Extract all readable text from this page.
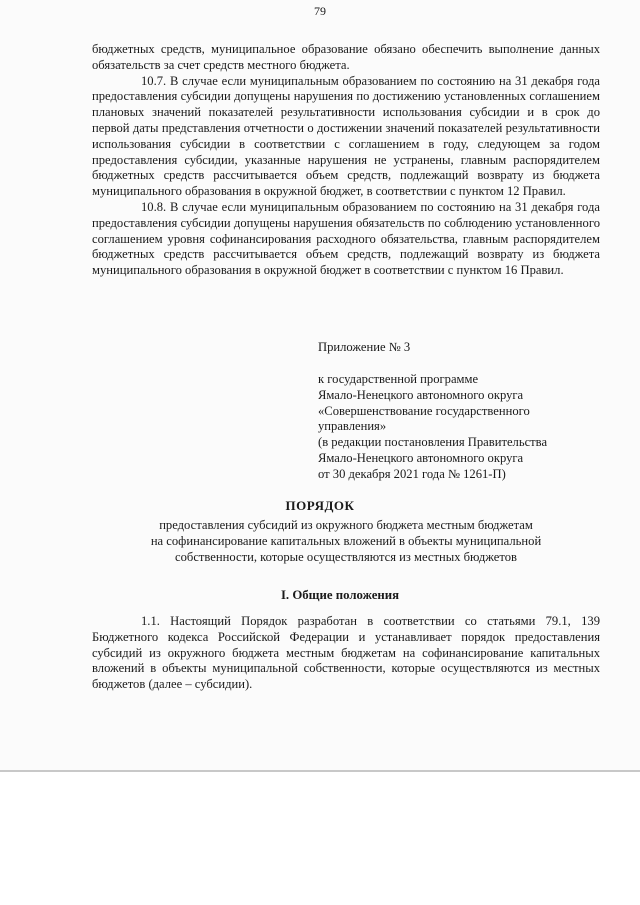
79

бюджетных средств, муниципальное образование обязано обеспечить выполнение данных обязательств за счет средств местного бюджета.

10.7. В случае если муниципальным образованием по состоянию на 31 декабря года предоставления субсидии допущены нарушения по достижению установленных соглашением плановых значений показателей результативности использования субсидии и в срок до первой даты представления отчетности о достижении значений показателей результативности использования субсидии в соответствии с соглашением в году, следующем за годом предоставления субсидии, указанные нарушения не устранены, главным распорядителем бюджетных средств рассчитывается объем средств, подлежащий возврату из бюджета муниципального образования в окружной бюджет, в соответствии с пунктом 12 Правил.

10.8. В случае если муниципальным образованием по состоянию на 31 декабря года предоставления субсидии допущены нарушения обязательств по соблюдению установленного соглашением уровня софинансирования расходного обязательства, главным распорядителем бюджетных средств рассчитывается объем средств, подлежащий возврату из бюджета муниципального образования в окружной бюджет в соответствии с пунктом 16 Правил.

Приложение № 3

к государственной программе

Ямало-Ненецкого автономного округа

«Совершенствование государственного

управления»

(в редакции постановления Правительства

Ямало-Ненецкого автономного округа

от 30 декабря 2021 года № 1261-П)

ПОРЯДОК

предоставления субсидий из окружного бюджета местным бюджетам

на софинансирование капитальных вложений в объекты муниципальной

собственности, которые осуществляются из местных бюджетов

I. Общие положения

1.1. Настоящий Порядок разработан в соответствии со статьями 79.1, 139 Бюджетного кодекса Российской Федерации и устанавливает порядок предоставления субсидий из окружного бюджета местным бюджетам на софинансирование капитальных вложений в объекты муниципальной собственности, которые осуществляются из местных бюджетов (далее – субсидии).
